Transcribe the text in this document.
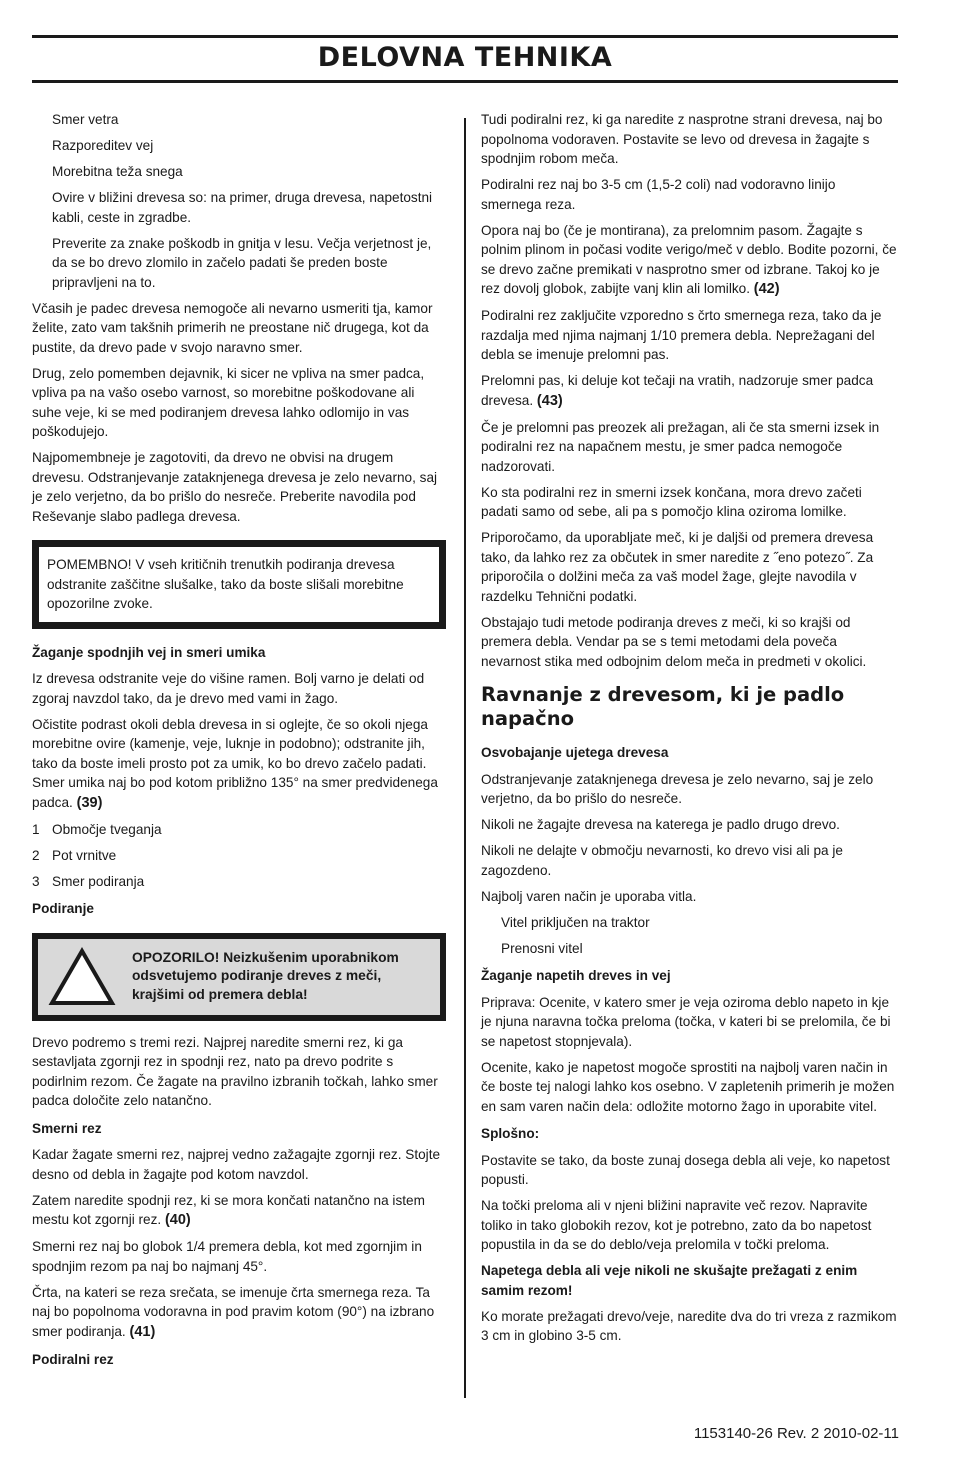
DELOVNA TEHNIKA

Smer vetra

Razporeditev vej

Morebitna teža snega

Ovire v bližini drevesa so: na primer, druga drevesa, napetostni kabli, ceste in zgradbe.

Preverite za znake poškodb in gnitja v lesu. Večja verjetnost je, da se bo drevo zlomilo in začelo padati še preden boste pripravljeni na to.

Včasih je padec drevesa nemogoče ali nevarno usmeriti tja, kamor želite, zato vam takšnih primerih ne preostane nič drugega, kot da pustite, da drevo pade v svojo naravno smer.

Drug, zelo pomemben dejavnik, ki sicer ne vpliva na smer padca, vpliva pa na vašo osebo varnost, so morebitne poškodovane ali suhe veje, ki se med podiranjem drevesa lahko odlomijo in vas poškodujejo.

Najpomembneje je zagotoviti, da drevo ne obvisi na drugem drevesu. Odstranjevanje zataknjenega drevesa je zelo nevarno, saj je zelo verjetno, da bo prišlo do nesreče. Preberite navodila pod Reševanje slabo padlega drevesa.

POMEMBNO! V vseh kritičnih trenutkih podiranja drevesa odstranite zaščitne slušalke, tako da boste slišali morebitne opozorilne zvoke.

Žaganje spodnjih vej in smeri umika

Iz drevesa odstranite veje do višine ramen. Bolj varno je delati od zgoraj navzdol tako, da je drevo med vami in žago.

Očistite podrast okoli debla drevesa in si oglejte, če so okoli njega morebitne ovire (kamenje, veje, luknje in podobno); odstranite jih, tako da boste imeli prosto pot za umik, ko bo drevo začelo padati. Smer umika naj bo pod kotom približno 135° na smer predvidenega padca. (39)

1 Območje tveganja
2 Pot vrnitve
3 Smer podiranja

Podiranje

OPOZORILO! Neizkušenim uporabnikom odsvetujemo podiranje dreves z meči, krajšimi od premera debla!

Drevo podremo s tremi rezi. Najprej naredite smerni rez, ki ga sestavljata zgornji rez in spodnji rez, nato pa drevo podrite s podirlnim rezom. Če žagate na pravilno izbranih točkah, lahko smer padca določite zelo natančno.

Smerni rez

Kadar žagate smerni rez, najprej vedno zažagajte zgornji rez. Stojte desno od debla in žagajte pod kotom navzdol.

Zatem naredite spodnji rez, ki se mora končati natančno na istem mestu kot zgornji rez. (40)

Smerni rez naj bo globok 1/4 premera debla, kot med zgornjim in spodnjim rezom pa naj bo najmanj 45°.

Črta, na kateri se reza srečata, se imenuje črta smernega reza. Ta naj bo popolnoma vodoravna in pod pravim kotom (90°) na izbrano smer podiranja. (41)

Podiralni rez

Tudi podiralni rez, ki ga naredite z nasprotne strani drevesa, naj bo popolnoma vodoraven. Postavite se levo od drevesa in žagajte s spodnjim robom meča.

Podiralni rez naj bo 3-5 cm (1,5-2 coli) nad vodoravno linijo smernega reza.

Opora naj bo (če je montirana), za prelomnim pasom. Žagajte s polnim plinom in počasi vodite verigo/meč v deblo. Bodite pozorni, če se drevo začne premikati v nasprotno smer od izbrane. Takoj ko je rez dovolj globok, zabijte vanj klin ali lomilko. (42)

Podiralni rez zaključite vzporedno s črto smernega reza, tako da je razdalja med njima najmanj 1/10 premera debla. Neprežagani del debla se imenuje prelomni pas.

Prelomni pas, ki deluje kot tečaji na vratih, nadzoruje smer padca drevesa. (43)

Če je prelomni pas preozek ali prežagan, ali če sta smerni izsek in podiralni rez na napačnem mestu, je smer padca nemogoče nadzorovati.

Ko sta podiralni rez in smerni izsek končana, mora drevo začeti padati samo od sebe, ali pa s pomočjo klina oziroma lomilke.

Priporočamo, da uporabljate meč, ki je daljši od premera drevesa tako, da lahko rez za občutek in smer naredite z ˝eno potezo˝. Za priporočila o dolžini meča za vaš model žage, glejte navodila v razdelku Tehnični podatki.

Obstajajo tudi metode podiranja dreves z meči, ki so krajši od premera debla. Vendar pa se s temi metodami dela poveča nevarnost stika med odbojnim delom meča in predmeti v okolici.

Ravnanje z drevesom, ki je padlo napačno

Osvobajanje ujetega drevesa

Odstranjevanje zataknjenega drevesa je zelo nevarno, saj je zelo verjetno, da bo prišlo do nesreče.

Nikoli ne žagajte drevesa na katerega je padlo drugo drevo.

Nikoli ne delajte v območju nevarnosti, ko drevo visi ali pa je zagozdeno.

Najbolj varen način je uporaba vitla.

Vitel priključen na traktor

Prenosni vitel

Žaganje napetih dreves in vej

Priprava: Ocenite, v katero smer je veja oziroma deblo napeto in kje je njuna naravna točka preloma (točka, v kateri bi se prelomila, če bi se napetost stopnjevala).

Ocenite, kako je napetost mogoče sprostiti na najbolj varen način in če boste tej nalogi lahko kos osebno. V zapletenih primerih je možen en sam varen način dela: odložite motorno žago in uporabite vitel.

Splošno:

Postavite se tako, da boste zunaj dosega debla ali veje, ko napetost popusti.

Na točki preloma ali v njeni bližini napravite več rezov. Napravite toliko in tako globokih rezov, kot je potrebno, zato da bo napetost popustila in da se do deblo/veja prelomila v točki preloma.

Napetega debla ali veje nikoli ne skušajte prežagati z enim samim rezom!

Ko morate prežagati drevo/veje, naredite dva do tri vreza z razmikom 3 cm in globino 3-5 cm.

1153140-26 Rev. 2 2010-02-11
